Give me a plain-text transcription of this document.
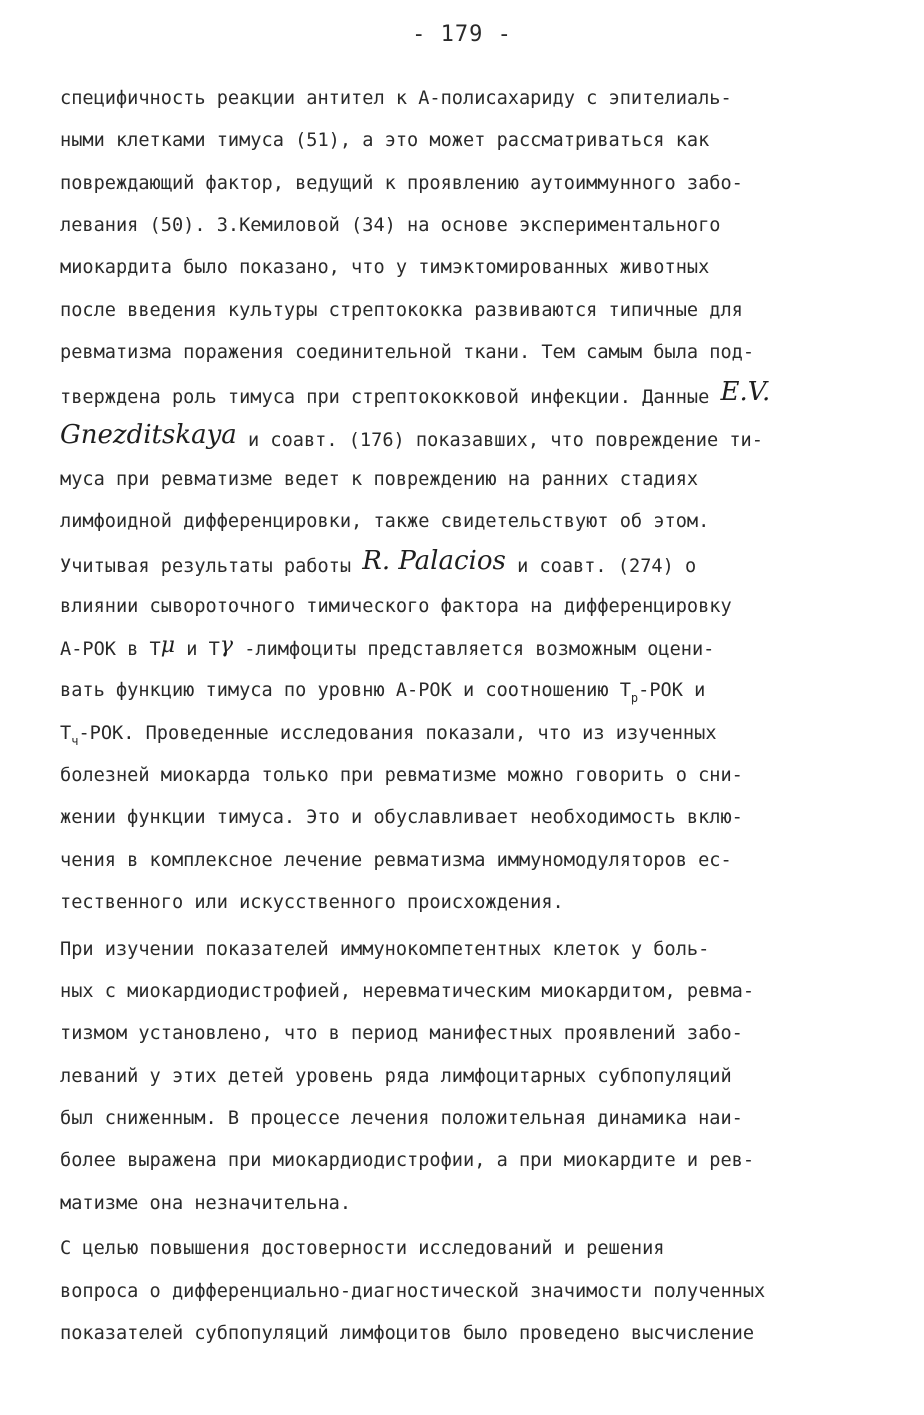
- 179 -
специфичность реакции антител к А-полисахариду с эпителиаль-
ными клетками тимуса (51), а это может рассматриваться как
повреждающий фактор, ведущий к проявлению аутоиммунного забо-
левания (50). З.Кемиловой (34) на основе экспериментального
миокардита было показано, что у тимэктомированных животных
после введения культуры стрептококка развиваются типичные для
ревматизма поражения соединительной ткани. Тем самым была под-
тверждена роль тимуса при стрептококковой инфекции. Данные E.V.
Gnezditskaya и соавт. (176) показавших, что повреждение ти-
муса при ревматизме ведет к повреждению на ранних стадиях
лимфоидной дифференцировки, также свидетельствуют об этом.
Учитывая результаты работы R. Palacios и соавт. (274) о
влиянии сывороточного тимического фактора на дифференцировку
А-РОК в Тμ и Тγ -лимфоциты представляется возможным оцени-
вать функцию тимуса по уровню А-РОК и соотношению $Т_р$-РОК и
$Т_ч$-РОК. Проведенные исследования показали, что из изученных
болезней миокарда только при ревматизме можно говорить о сни-
жении функции тимуса. Это и обуславливает необходимость вклю-
чения в комплексное лечение ревматизма иммуномодуляторов ес-
тественного или искусственного происхождения.
При изучении показателей иммунокомпетентных клеток у боль-
ных с миокардиодистрофией, неревматическим миокардитом, ревма-
тизмом установлено, что в период манифестных проявлений забо-
леваний у этих детей уровень ряда лимфоцитарных субпопуляций
был сниженным. В процессе лечения положительная динамика наи-
более выражена при миокардиодистрофии, а при миокардите и рев-
матизме она незначительна.
С целью повышения достоверности исследований и решения
вопроса о дифференциально-диагностической значимости полученных
показателей субпопуляций лимфоцитов было проведено высчисление
